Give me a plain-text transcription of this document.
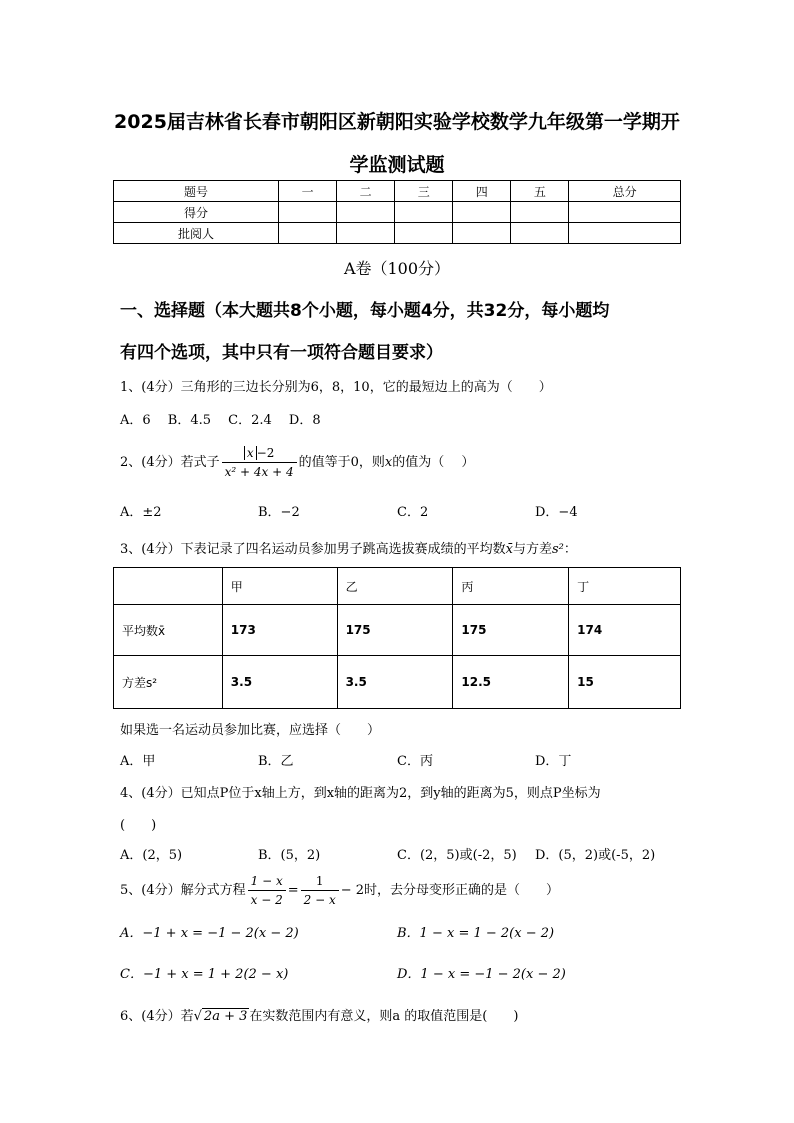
2025届吉林省长春市朝阳区新朝阳实验学校数学九年级第一学期开
学监测试题
题号	一	二	三	四	五	总分
得分						
批阅人						
A卷（100分）
一、选择题（本大题共8个小题，每小题4分，共32分，每小题均
有四个选项，其中只有一项符合题目要求）
1、(4分）三角形的三边长分别为6，8，10，它的最短边上的高为（　　）
A．6　 B．4.5　 C．2.4　 D．8
2、(4分）若式子 $\frac{x -2}{\text{x² + 4x + 4}}$ 的值等于0，则x的值为（　 ）
A．±2	B．−2	C．2	D．−4
3、(4分）下表记录了四名运动员参加男子跳高选拔赛成绩的平均数x̄与方差s²：
	甲	乙	丙	丁
平均数x̄	173	175	175	174
方差s²	3.5	3.5	12.5	15
如果选一名运动员参加比赛，应选择（　　）
A．甲	B．乙	C．丙	D．丁
4、(4分）已知点P位于x轴上方，到x轴的距离为2，到y轴的距离为5，则点P坐标为
(　　)
A．(2，5)	B．(5，2)	C．(2，5)或(-2，5) D．(5，2)或(-5，2)
5、(4分）解分式方程 $\frac{1 - x}{x - 2} = \frac{1}{2 - x} - 2$时，去分母变形正确的是（　　）
A．−1 + x = −1 − 2(x − 2)	B．1 − x = 1 − 2(x − 2)
C．−1 + x = 1 + 2(2 − x)	D．1 − x = −1 − 2(x − 2)
6、(4分）若√ 2a + 3 在实数范围内有意义，则a 的取值范围是(　　)
